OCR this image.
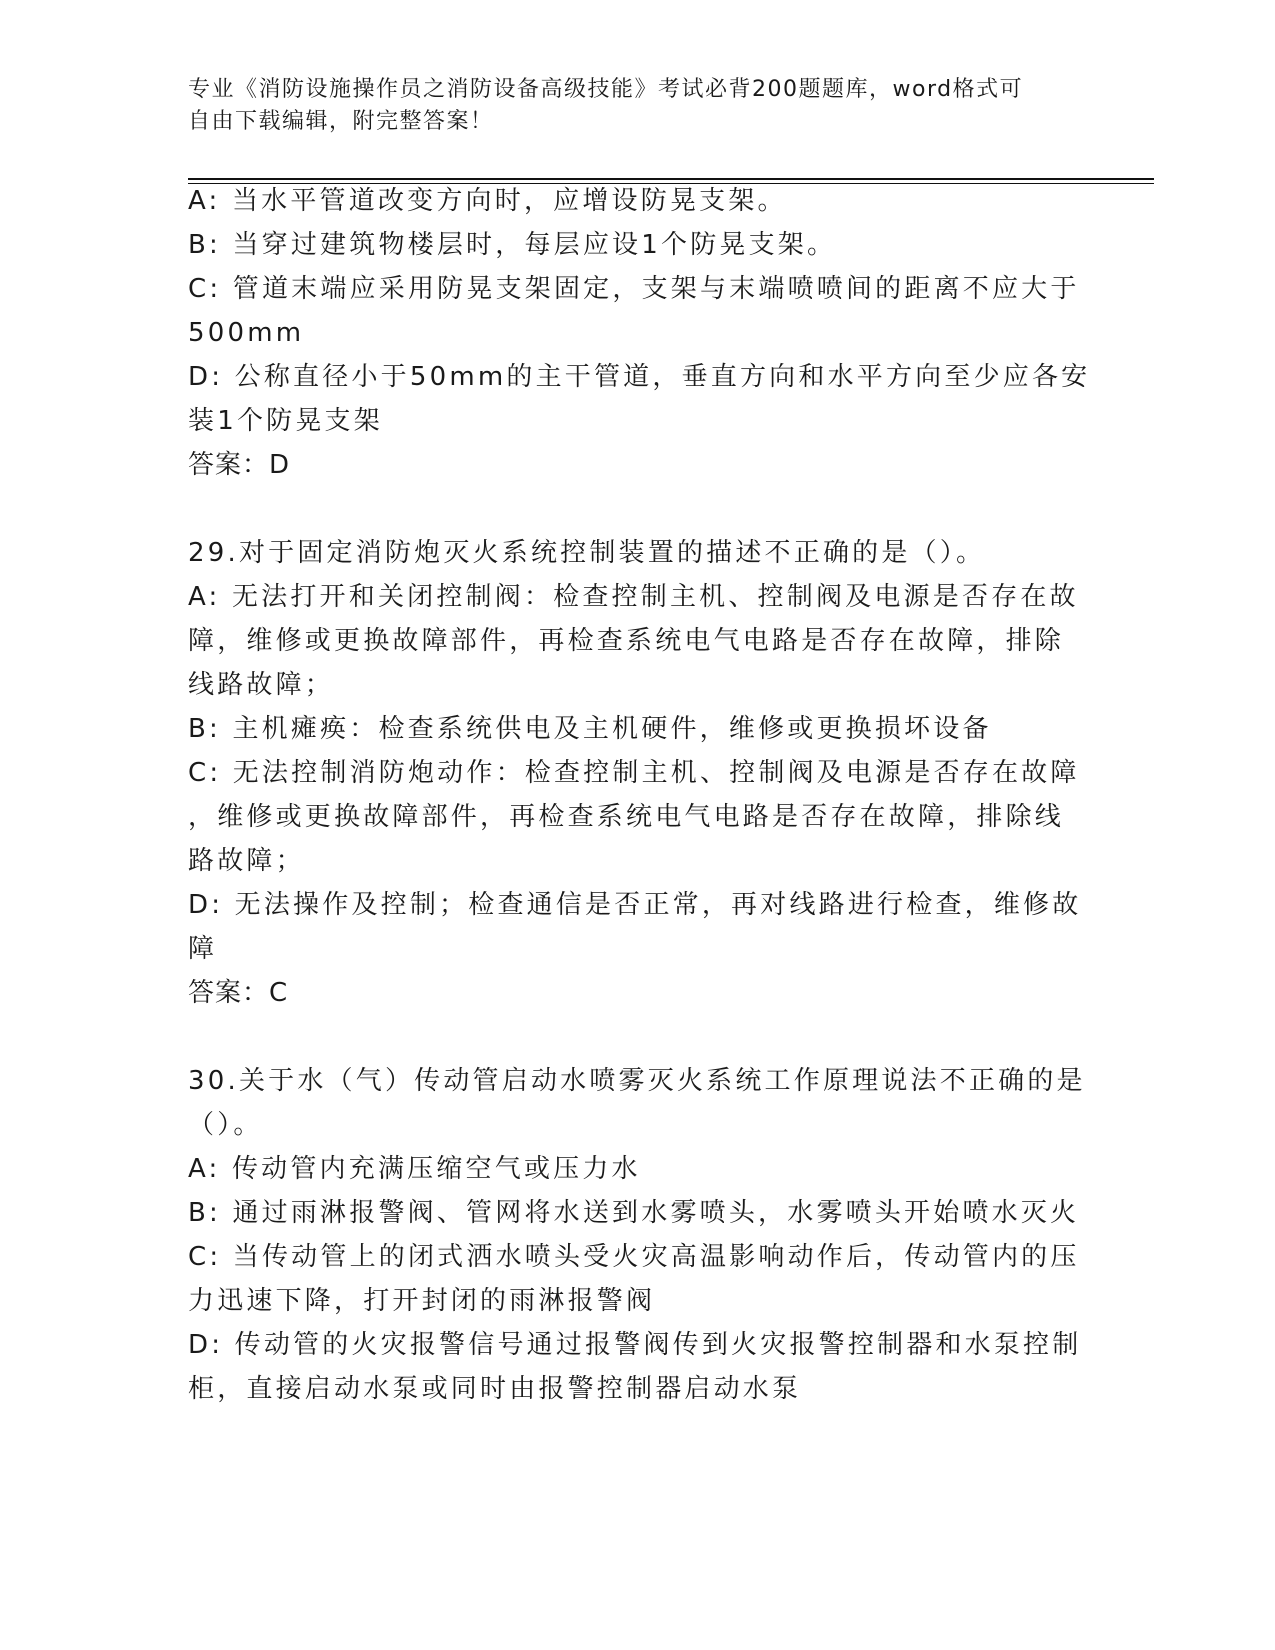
专业《消防设施操作员之消防设备高级技能》考试必背200题题库，word格式可
自由下载编辑，附完整答案！
A: 当水平管道改变方向时，应增设防晃支架。
B: 当穿过建筑物楼层时，每层应设1个防晃支架。
C: 管道末端应采用防晃支架固定，支架与末端喷喷间的距离不应大于
500mm
D: 公称直径小于50mm的主干管道，垂直方向和水平方向至少应各安
装1个防晃支架
答案：D
29.对于固定消防炮灭火系统控制装置的描述不正确的是（）。
A: 无法打开和关闭控制阀：检查控制主机、控制阀及电源是否存在故
障，维修或更换故障部件，再检查系统电气电路是否存在故障，排除
线路故障；
B: 主机瘫痪：检查系统供电及主机硬件，维修或更换损坏设备
C: 无法控制消防炮动作：检查控制主机、控制阀及电源是否存在故障
，维修或更换故障部件，再检查系统电气电路是否存在故障，排除线
路故障；
D: 无法操作及控制；检查通信是否正常，再对线路进行检查，维修故
障
答案：C
30.关于水（气）传动管启动水喷雾灭火系统工作原理说法不正确的是
（）。
A: 传动管内充满压缩空气或压力水
B: 通过雨淋报警阀、管网将水送到水雾喷头，水雾喷头开始喷水灭火
C: 当传动管上的闭式洒水喷头受火灾高温影响动作后，传动管内的压
力迅速下降，打开封闭的雨淋报警阀
D: 传动管的火灾报警信号通过报警阀传到火灾报警控制器和水泵控制
柜，直接启动水泵或同时由报警控制器启动水泵
